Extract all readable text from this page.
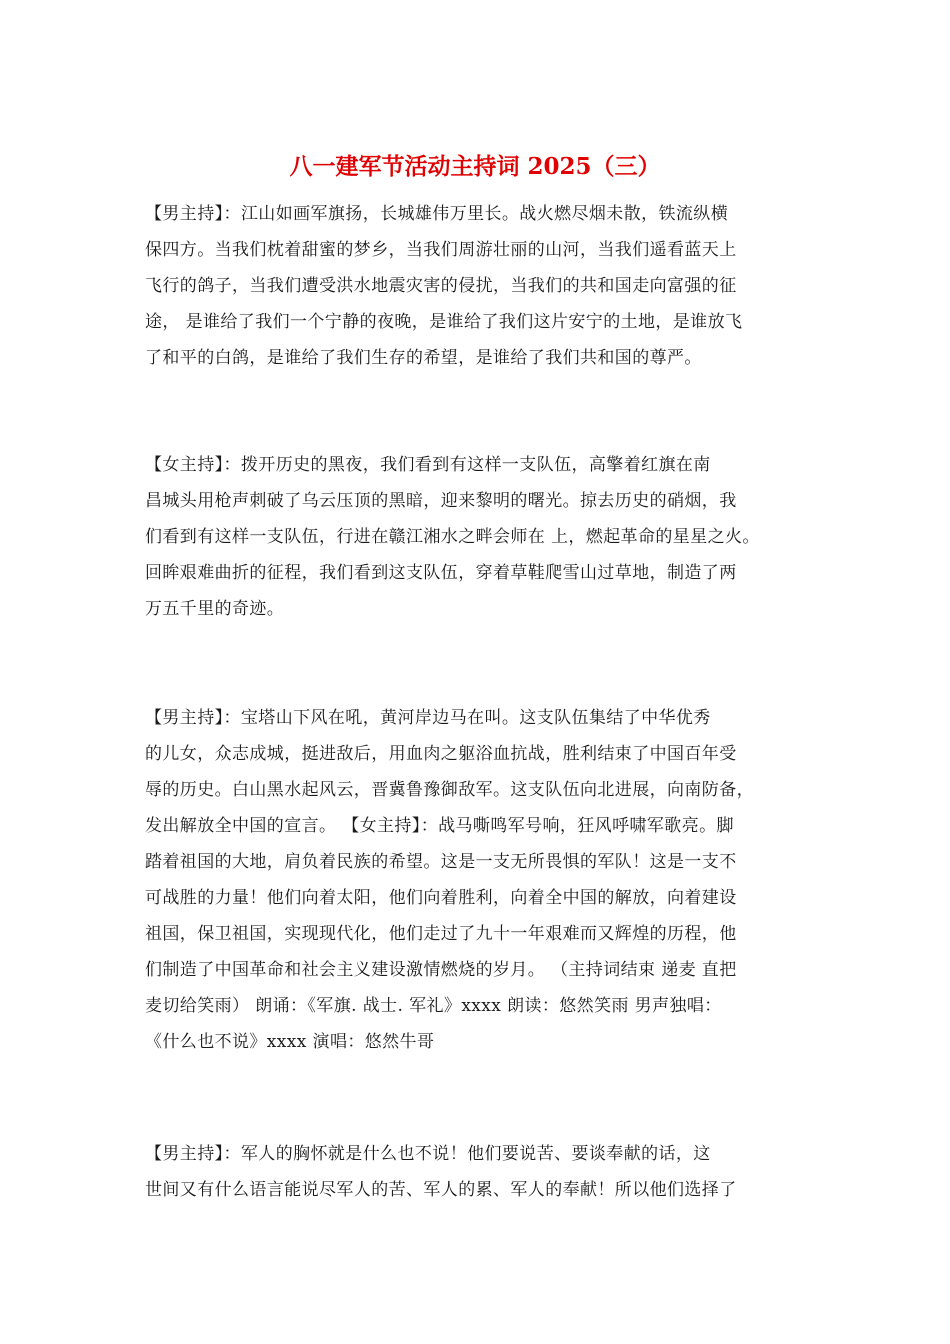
八一建军节活动主持词 2025（三）
【男主持】：江山如画军旗扬，长城雄伟万里长。战火燃尽烟未散，铁流纵横
保四方。当我们枕着甜蜜的梦乡，当我们周游壮丽的山河，当我们遥看蓝天上
飞行的鸽子，当我们遭受洪水地震灾害的侵扰，当我们的共和国走向富强的征
途， 是谁给了我们一个宁静的夜晚，是谁给了我们这片安宁的土地，是谁放飞
了和平的白鸽，是谁给了我们生存的希望，是谁给了我们共和国的尊严。
【女主持】：拨开历史的黑夜，我们看到有这样一支队伍，高擎着红旗在南
昌城头用枪声刺破了乌云压顶的黑暗，迎来黎明的曙光。掠去历史的硝烟，我
们看到有这样一支队伍，行进在赣江湘水之畔会师在 上，燃起革命的星星之火。
回眸艰难曲折的征程，我们看到这支队伍，穿着草鞋爬雪山过草地，制造了两
万五千里的奇迹。
【男主持】：宝塔山下风在吼，黄河岸边马在叫。这支队伍集结了中华优秀
的儿女，众志成城，挺进敌后，用血肉之躯浴血抗战，胜利结束了中国百年受
辱的历史。白山黑水起风云，晋冀鲁豫御敌军。这支队伍向北进展，向南防备，
发出解放全中国的宣言。 【女主持】：战马嘶鸣军号响，狂风呼啸军歌亮。脚
踏着祖国的大地，肩负着民族的希望。这是一支无所畏惧的军队！这是一支不
可战胜的力量！他们向着太阳，他们向着胜利，向着全中国的解放，向着建设
祖国，保卫祖国，实现现代化，他们走过了九十一年艰难而又辉煌的历程，他
们制造了中国革命和社会主义建设激情燃烧的岁月。 （主持词结束 递麦 直把
麦切给笑雨） 朗诵：《军旗. 战士. 军礼》xxxx 朗读：悠然笑雨 男声独唱：
《什么也不说》xxxx 演唱：悠然牛哥
【男主持】：军人的胸怀就是什么也不说！他们要说苦、要谈奉献的话，这
世间又有什么语言能说尽军人的苦、军人的累、军人的奉献！所以他们选择了
